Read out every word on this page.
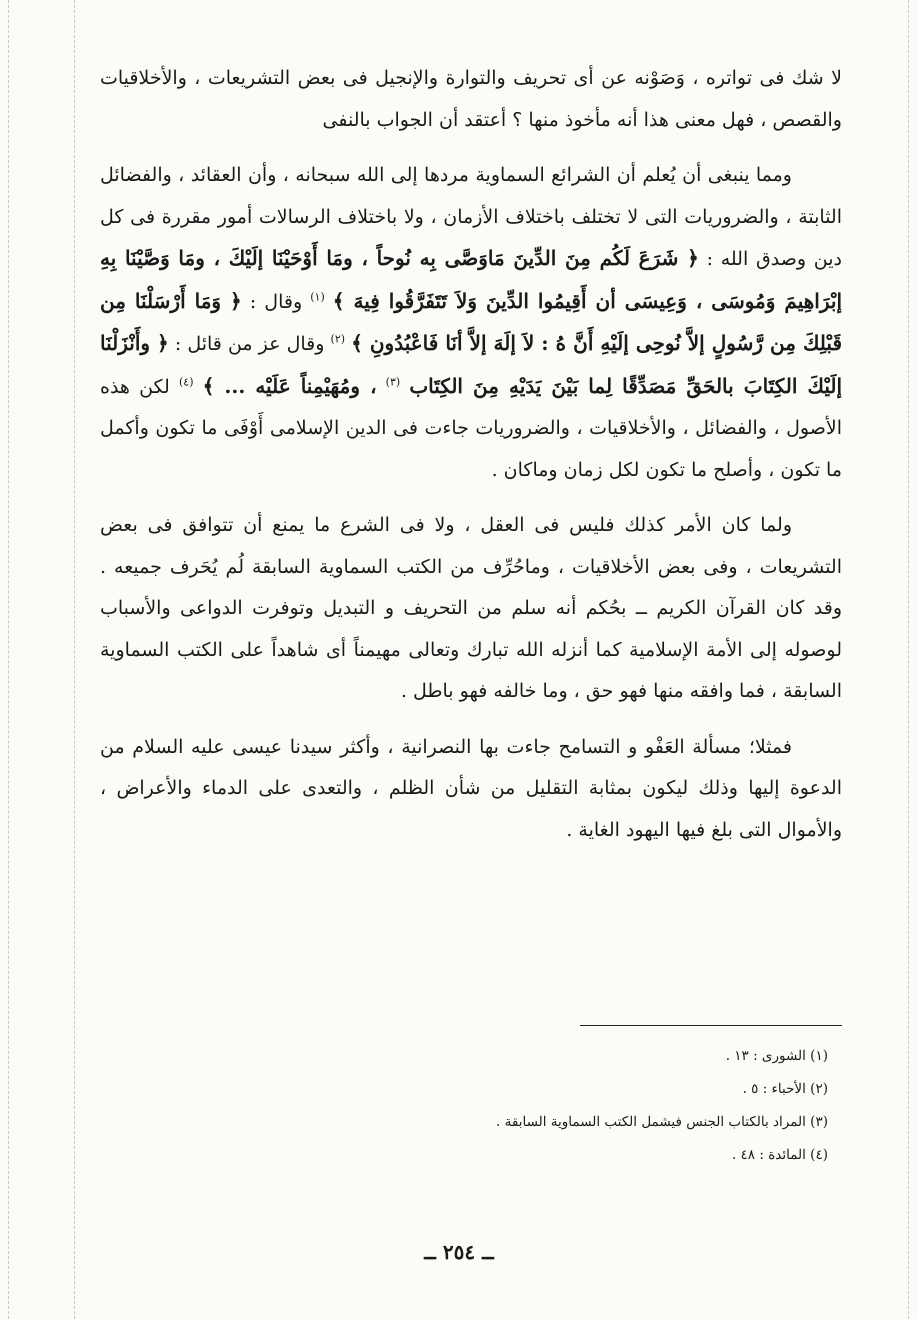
لا شك فى تواتره ، وَصَوْنه عن أى تحريف والتوارة والإنجيل فى بعض التشريعات ، والأخلاقيات والقصص ، فهل معنى هذا أنه مأخوذ منها ؟ أعتقد أن الجواب بالنفى

ومما ينبغى أن يُعلم أن الشرائع السماوية مردها إلى الله سبحانه ، وأن العقائد ، والفضائل الثابتة ، والضروريات التى لا تختلف باختلاف الأزمان ، ولا باختلاف الرسالات أمور مقررة فى كل دين وصدق الله : ﴿ شَرَعَ لَكُم مِنَ الدِّينَ مَاوَصَّى بِه نُوحاً ، ومَا أَوْحَيْنَا إلَيْكَ ، ومَا وَصَّيْنَا بِهِ إبْرَاهِيمَ وَمُوسَى ، وَعِيسَى أن أَقِيمُوا الدِّينَ وَلاَ تَتَفَرَّقُوا فِيهَ ﴾ $^{(١)}$ وقال : ﴿ وَمَا أَرْسَلْنَا مِن قَبْلِكَ مِن رَّسُولٍ إلاَّ نُوحِى إلَيْهِ أَنَّ هُ : لاَ إلَهَ إلاَّ أنَا فَاعْبُدُونِ ﴾ $^{(٢)}$ وقال عز من قائل : ﴿ وأَنْزَلْنَا إلَيْكَ الكِتَابَ بالحَقِّ مَصَدِّقًا لِما بَيْنَ يَدَيْهِ مِنَ الكِتَاب $^{(٣)}$ ، ومُهَيْمِناً عَلَيْه ... ﴾ $^{(٤)}$ لكن هذه الأصول ، والفضائل ، والأخلاقيات ، والضروريات جاءت فى الدين الإسلامى أَوْفَى ما تكون وأكمل ما تكون ، وأصلح ما تكون لكل زمان وماكان .

ولما كان الأمر كذلك فليس فى العقل ، ولا فى الشرع ما يمنع أن تتوافق فى بعض التشريعات ، وفى بعض الأخلاقيات ، وماحُرِّف من الكتب السماوية السابقة لُم يُحَرف جميعه . وقد كان القرآن الكريم ــ بحُكم أنه سلم من التحريف و التبديل وتوفرت الدواعى والأسباب لوصوله إلى الأمة الإسلامية كما أنزله الله تبارك وتعالى مهيمناً أى شاهداً على الكتب السماوية السابقة ، فما وافقه منها فهو حق ، وما خالفه فهو باطل .

فمثلا؛ مسألة العَفْو و التسامح جاءت بها النصرانية ، وأكثر سيدنا عيسى عليه السلام من الدعوة إليها وذلك ليكون بمثابة التقليل من شأن الظلم ، والتعدى على الدماء والأعراض ، والأموال التى بلغ فيها اليهود الغاية .

(١) الشورى : ١٣ .
(٢) الأحباء : ٥ .
(٣) المراد بالكتاب الجنس فيشمل الكتب السماوية السابقة .
(٤) المائدة : ٤٨ .
ــ ٢٥٤ ــ
